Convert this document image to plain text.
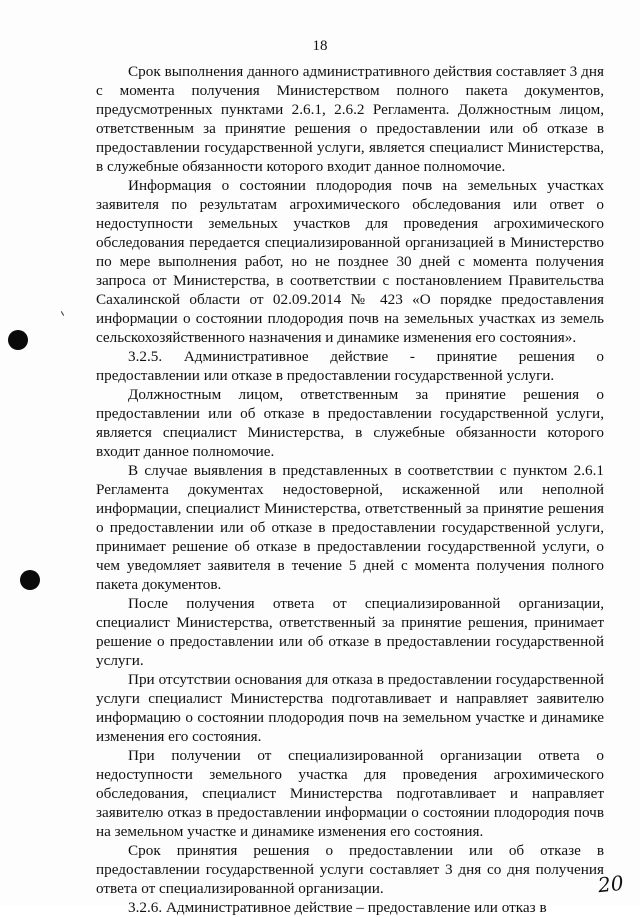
18

Срок выполнения данного административного действия составляет 3 дня с момента получения Министерством полного пакета документов, предусмотренных пунктами 2.6.1, 2.6.2 Регламента. Должностным лицом, ответственным за принятие решения о предоставлении или об отказе в предоставлении государственной услуги, является специалист Министерства, в служебные обязанности которого входит данное полномочие.

Информация о состоянии плодородия почв на земельных участках заявителя по результатам агрохимического обследования или ответ о недоступности земельных участков для проведения агрохимического обследования передается специализированной организацией в Министерство по мере выполнения работ, но не позднее 30 дней с момента получения запроса от Министерства, в соответствии с постановлением Правительства Сахалинской области от 02.09.2014 № 423 «О порядке предоставления информации о состоянии плодородия почв на земельных участках из земель сельскохозяйственного назначения и динамике изменения его состояния».

3.2.5. Административное действие - принятие решения о предоставлении или отказе в предоставлении государственной услуги.

Должностным лицом, ответственным за принятие решения о предоставлении или об отказе в предоставлении государственной услуги, является специалист Министерства, в служебные обязанности которого входит данное полномочие.

В случае выявления в представленных в соответствии с пунктом 2.6.1 Регламента документах недостоверной, искаженной или неполной информации, специалист Министерства, ответственный за принятие решения о предоставлении или об отказе в предоставлении государственной услуги, принимает решение об отказе в предоставлении государственной услуги, о чем уведомляет заявителя в течение 5 дней с момента получения полного пакета документов.

После получения ответа от специализированной организации, специалист Министерства, ответственный за принятие решения, принимает решение о предоставлении или об отказе в предоставлении государственной услуги.

При отсутствии основания для отказа в предоставлении государственной услуги специалист Министерства подготавливает и направляет заявителю информацию о состоянии плодородия почв на земельном участке и динамике изменения его состояния.

При получении от специализированной организации ответа о недоступности земельного участка для проведения агрохимического обследования, специалист Министерства подготавливает и направляет заявителю отказ в предоставлении информации о состоянии плодородия почв на земельном участке и динамике изменения его состояния.

Срок принятия решения о предоставлении или об отказе в предоставлении государственной услуги составляет 3 дня со дня получения ответа от специализированной организации.

3.2.6. Административное действие – предоставление или отказ в

20
